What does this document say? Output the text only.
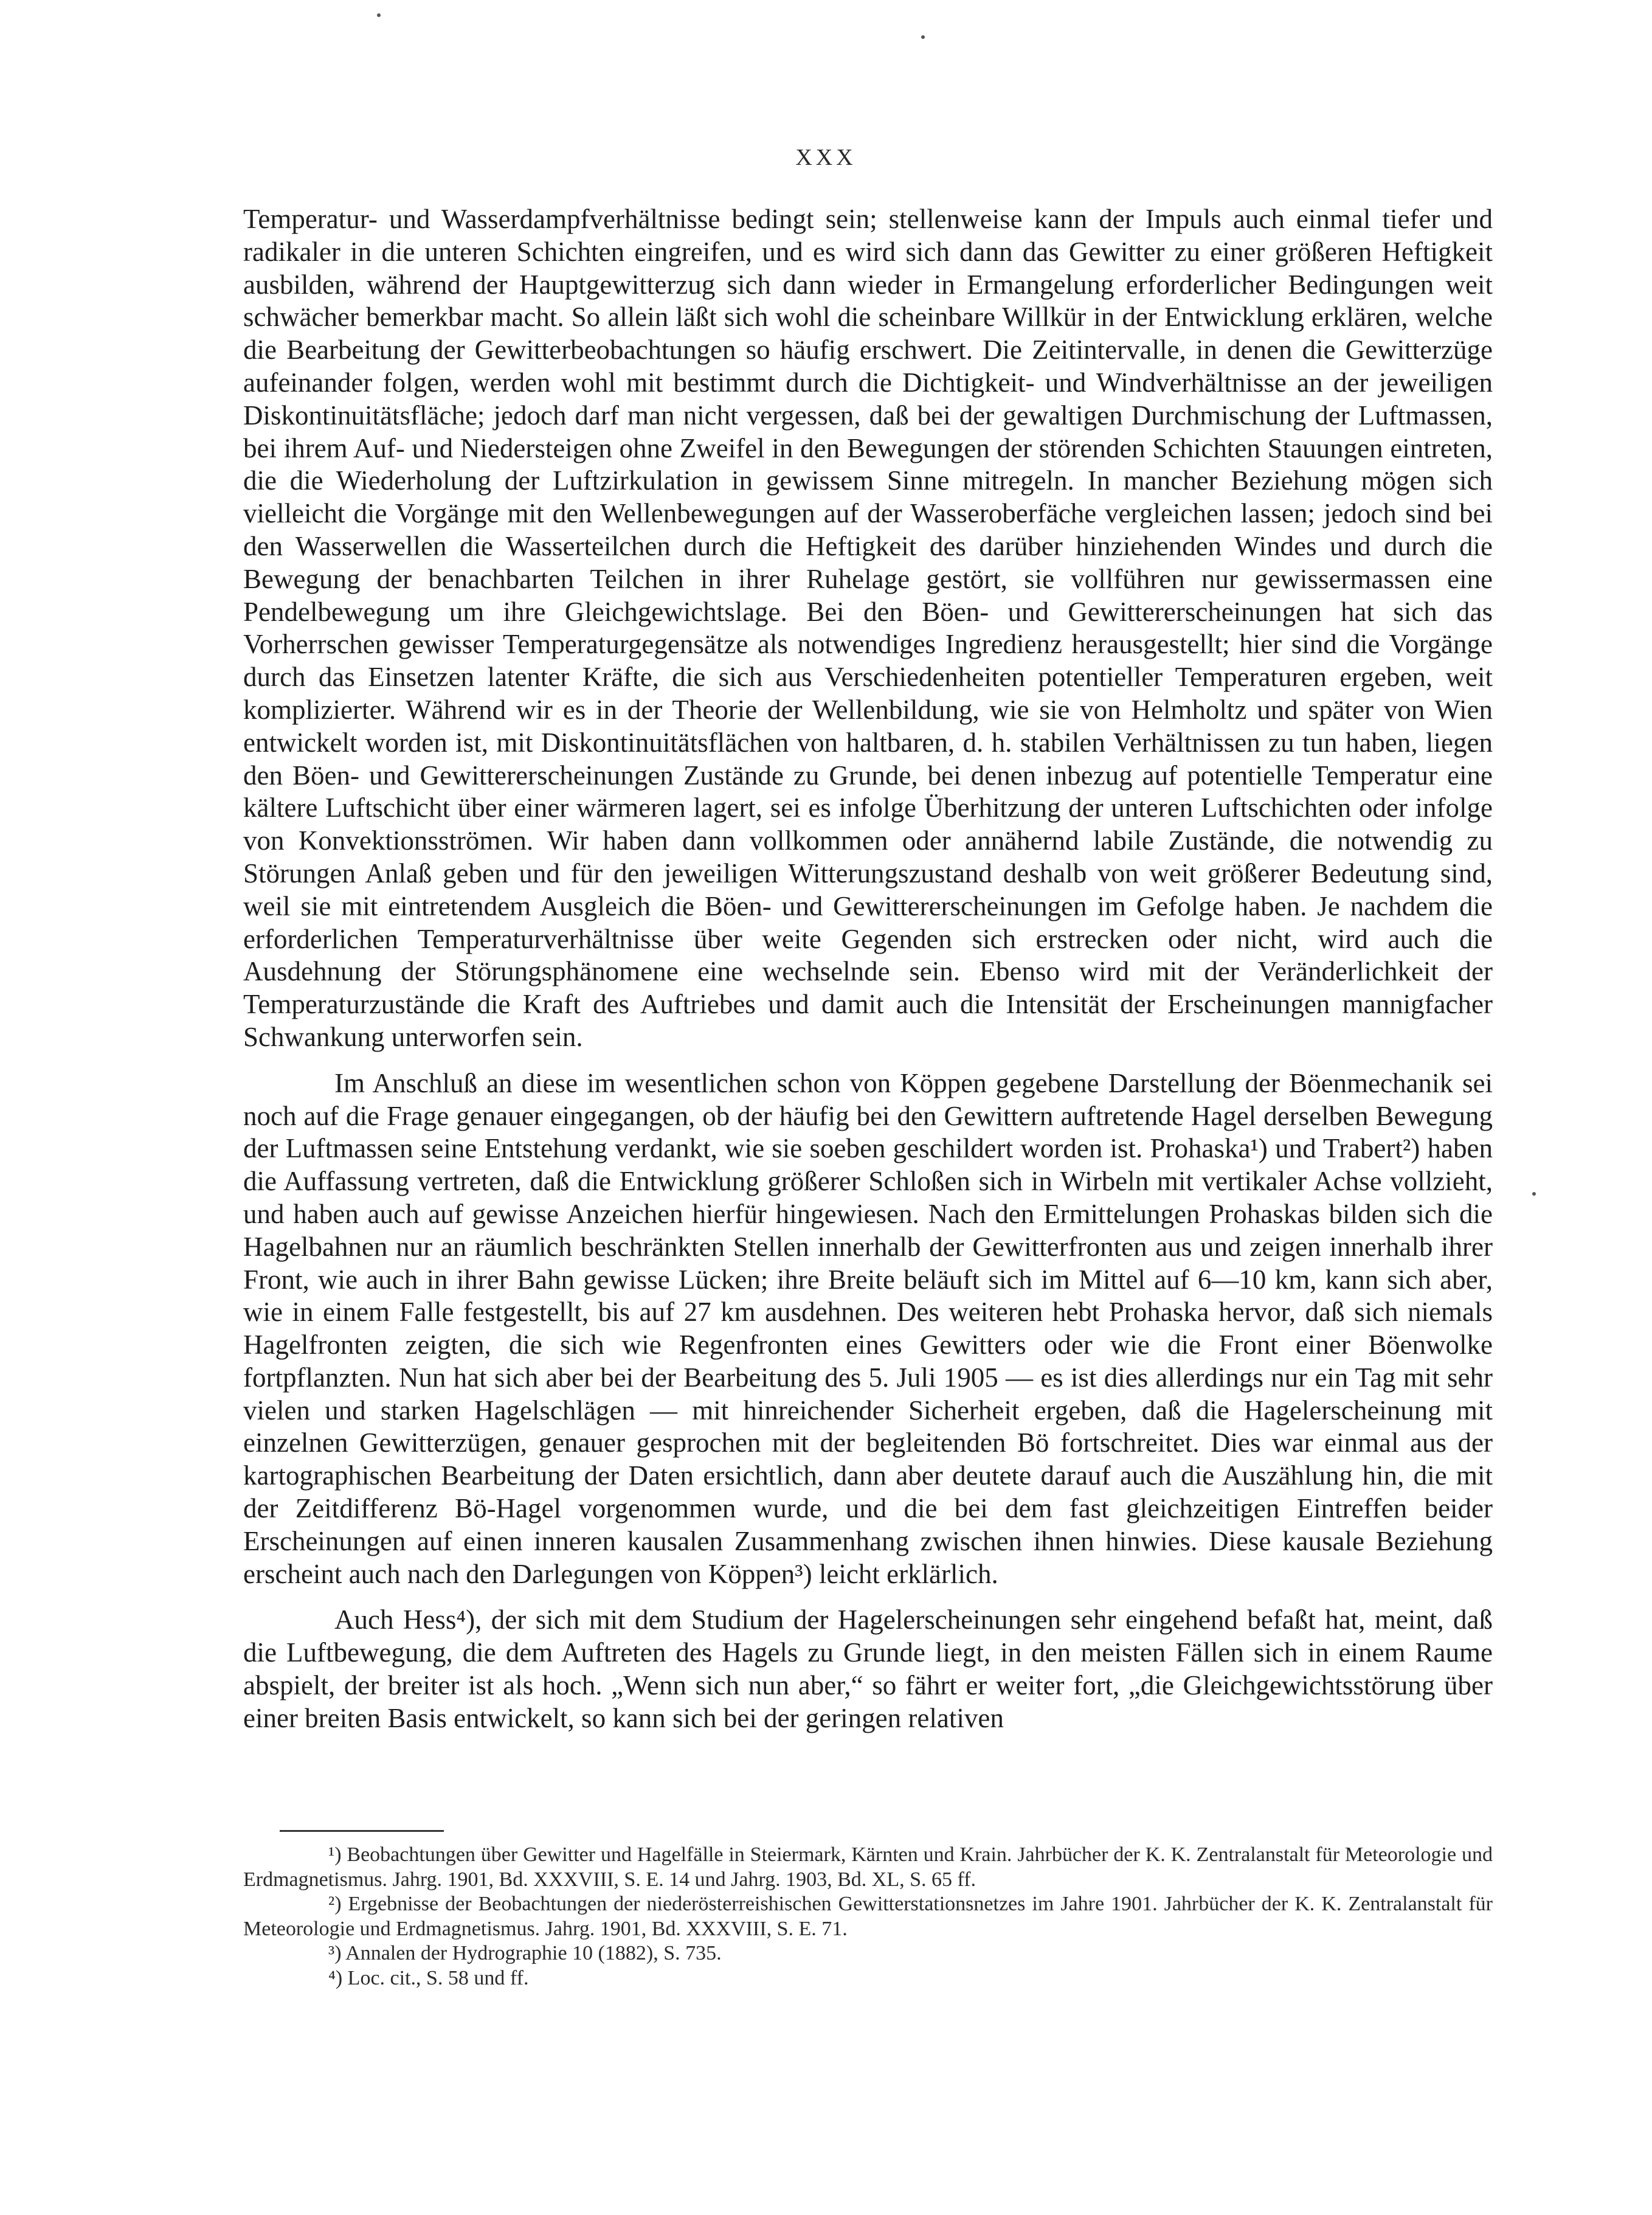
XXX

Temperatur- und Wasserdampfverhältnisse bedingt sein; stellenweise kann der Impuls auch einmal tiefer und radikaler in die unteren Schichten eingreifen, und es wird sich dann das Gewitter zu einer größeren Heftigkeit ausbilden, während der Hauptgewitterzug sich dann wieder in Ermangelung erforderlicher Bedingungen weit schwächer bemerkbar macht. So allein läßt sich wohl die scheinbare Willkür in der Entwicklung erklären, welche die Bearbeitung der Gewitterbeobachtungen so häufig erschwert. Die Zeitintervalle, in denen die Gewitterzüge aufeinander folgen, werden wohl mit bestimmt durch die Dichtigkeit- und Windverhältnisse an der jeweiligen Diskontinuitätsfläche; jedoch darf man nicht vergessen, daß bei der gewaltigen Durchmischung der Luftmassen, bei ihrem Auf- und Niedersteigen ohne Zweifel in den Bewegungen der störenden Schichten Stauungen eintreten, die die Wiederholung der Luftzirkulation in gewissem Sinne mitregeln. In mancher Beziehung mögen sich vielleicht die Vorgänge mit den Wellenbewegungen auf der Wasseroberfäche vergleichen lassen; jedoch sind bei den Wasserwellen die Wasserteilchen durch die Heftigkeit des darüber hinziehenden Windes und durch die Bewegung der benachbarten Teilchen in ihrer Ruhelage gestört, sie vollführen nur gewissermassen eine Pendelbewegung um ihre Gleichgewichtslage. Bei den Böen- und Gewittererscheinungen hat sich das Vorherrschen gewisser Temperaturgegensätze als notwendiges Ingredienz herausgestellt; hier sind die Vorgänge durch das Einsetzen latenter Kräfte, die sich aus Verschiedenheiten potentieller Temperaturen ergeben, weit komplizierter. Während wir es in der Theorie der Wellenbildung, wie sie von Helmholtz und später von Wien entwickelt worden ist, mit Diskontinuitätsflächen von haltbaren, d. h. stabilen Verhältnissen zu tun haben, liegen den Böen- und Gewittererscheinungen Zustände zu Grunde, bei denen inbezug auf potentielle Temperatur eine kältere Luftschicht über einer wärmeren lagert, sei es infolge Überhitzung der unteren Luftschichten oder infolge von Konvektionsströmen. Wir haben dann vollkommen oder annähernd labile Zustände, die notwendig zu Störungen Anlaß geben und für den jeweiligen Witterungszustand deshalb von weit größerer Bedeutung sind, weil sie mit eintretendem Ausgleich die Böen- und Gewittererscheinungen im Gefolge haben. Je nachdem die erforderlichen Temperaturverhältnisse über weite Gegenden sich erstrecken oder nicht, wird auch die Ausdehnung der Störungsphänomene eine wechselnde sein. Ebenso wird mit der Veränderlichkeit der Temperaturzustände die Kraft des Auftriebes und damit auch die Intensität der Erscheinungen mannigfacher Schwankung unterworfen sein.

Im Anschluß an diese im wesentlichen schon von Köppen gegebene Darstellung der Böenmechanik sei noch auf die Frage genauer eingegangen, ob der häufig bei den Gewittern auftretende Hagel derselben Bewegung der Luftmassen seine Entstehung verdankt, wie sie soeben geschildert worden ist. Prohaska¹) und Trabert²) haben die Auffassung vertreten, daß die Entwicklung größerer Schloßen sich in Wirbeln mit vertikaler Achse vollzieht, und haben auch auf gewisse Anzeichen hierfür hingewiesen. Nach den Ermittelungen Prohaskas bilden sich die Hagelbahnen nur an räumlich beschränkten Stellen innerhalb der Gewitterfronten aus und zeigen innerhalb ihrer Front, wie auch in ihrer Bahn gewisse Lücken; ihre Breite beläuft sich im Mittel auf 6—10 km, kann sich aber, wie in einem Falle festgestellt, bis auf 27 km ausdehnen. Des weiteren hebt Prohaska hervor, daß sich niemals Hagelfronten zeigten, die sich wie Regenfronten eines Gewitters oder wie die Front einer Böenwolke fortpflanzten. Nun hat sich aber bei der Bearbeitung des 5. Juli 1905 — es ist dies allerdings nur ein Tag mit sehr vielen und starken Hagelschlägen — mit hinreichender Sicherheit ergeben, daß die Hagelerscheinung mit einzelnen Gewitterzügen, genauer gesprochen mit der begleitenden Bö fortschreitet. Dies war einmal aus der kartographischen Bearbeitung der Daten ersichtlich, dann aber deutete darauf auch die Auszählung hin, die mit der Zeitdifferenz Bö-Hagel vorgenommen wurde, und die bei dem fast gleichzeitigen Eintreffen beider Erscheinungen auf einen inneren kausalen Zusammenhang zwischen ihnen hinwies. Diese kausale Beziehung erscheint auch nach den Darlegungen von Köppen³) leicht erklärlich.

Auch Hess⁴), der sich mit dem Studium der Hagelerscheinungen sehr eingehend befaßt hat, meint, daß die Luftbewegung, die dem Auftreten des Hagels zu Grunde liegt, in den meisten Fällen sich in einem Raume abspielt, der breiter ist als hoch. „Wenn sich nun aber,“ so fährt er weiter fort, „die Gleichgewichtsstörung über einer breiten Basis entwickelt, so kann sich bei der geringen relativen

¹) Beobachtungen über Gewitter und Hagelfälle in Steiermark, Kärnten und Krain. Jahrbücher der K. K. Zentralanstalt für Meteorologie und Erdmagnetismus. Jahrg. 1901, Bd. XXXVIII, S. E. 14 und Jahrg. 1903, Bd. XL, S. 65 ff.

²) Ergebnisse der Beobachtungen der niederösterreishischen Gewitterstationsnetzes im Jahre 1901. Jahrbücher der K. K. Zentralanstalt für Meteorologie und Erdmagnetismus. Jahrg. 1901, Bd. XXXVIII, S. E. 71.

³) Annalen der Hydrographie 10 (1882), S. 735.

⁴) Loc. cit., S. 58 und ff.
